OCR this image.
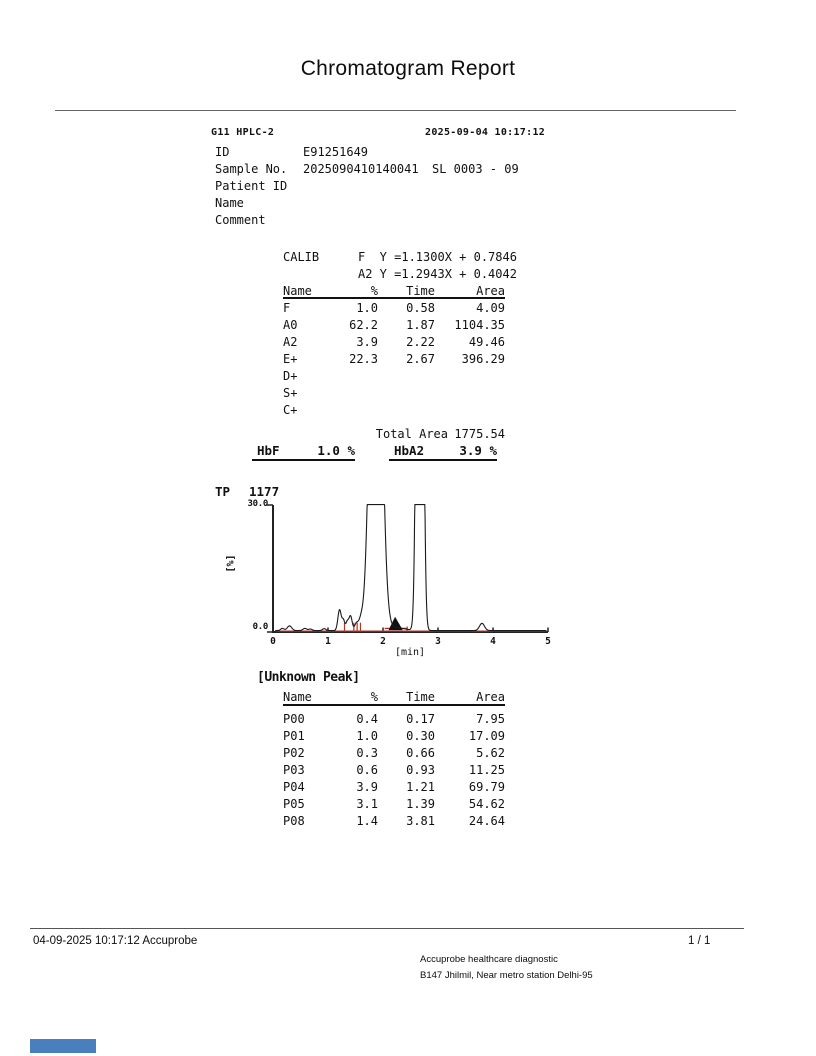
Chromatogram Report
G11 HPLC-2	2025-09-04 10:17:12
ID	E91251649
Sample No.	2025090410140041 SL 0003 - 09
Patient ID
Name
Comment
CALIB	F  Y =1.1300X + 0.7846
A2 Y =1.2943X + 0.4042
Name	% Time	Area
F	1.0 0.58	4.09
A0	62.2 1.87 1104.35
A2	3.9 2.22	49.46
E+	22.3 2.67 396.29
D+
S+
C+
Total Area 1775.54
HbF	1.0 %	HbA2	3.9 %
TP 1177
30.0
0.0
[%]
0	1	2	3	4	5
[min]
[Unknown Peak]
Name	% Time	Area
P00	0.4 0.17	7.95
P01	1.0 0.30	17.09
P02	0.3 0.66	5.62
P03	0.6 0.93	11.25
P04	3.9 1.21	69.79
P05	3.1 1.39	54.62
P08	1.4 3.81	24.64
04-09-2025 10:17:12 Accuprobe	1 / 1
Accuprobe healthcare diagnostic
B147 Jhilmil, Near metro station Delhi-95
